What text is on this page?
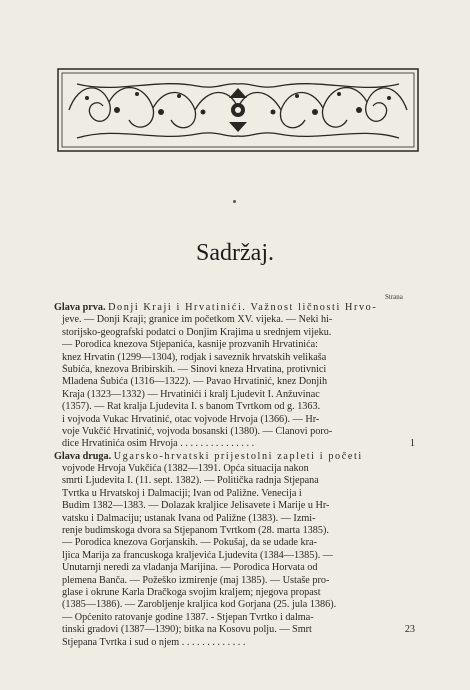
Sadržaj.
Strana
Glava prva. Donji Kraji i Hrvatinići. Važnost ličnosti Hrvo-
jeve. — Donji Kraji; granice im početkom XV. vijeka. — Neki hi-
storijsko-geografski podatci o Donjim Krajima u srednjem vijeku.
— Porodica knezova Stjepanića, kasnije prozvanih Hrvatinića:
knez Hrvatin (1299—1304), rodjak i saveznik hrvatskih velikaša
Šubića, knezova Bribirskih. — Sinovi kneza Hrvatina, protivnici
Mladena Šubića (1316—1322). — Pavao Hrvatinić, knez Donjih
Kraja (1323—1332) — Hrvatinići i kralj Ljudevit I. Anžuvinac
(1357). — Rat kralja Ljudevita I. s banom Tvrtkom od g. 1363.
i vojvoda Vukac Hrvatinić, otac vojvode Hrvoja (1366). — Hr-
voje Vukčić Hrvatinić, vojvoda bosanski (1380). — Članovi poro-
dice Hrvatinića osim Hrvoja . . . . . . . . . . . . . . .
Glava druga. Ugarsko-hrvatski prijestolni zapleti i početi
vojvode Hrvoja Vukčića (1382—1391. Opća situacija nakon
smrti Ljudevita I. (11. sept. 1382). — Politička radnja Stjepana
Tvrtka u Hrvatskoj i Dalmaciji; Ivan od Paližne. Venecija i
Budim 1382—1383. — Dolazak kraljice Jelisavete i Marije u Hr-
vatsku i Dalmaciju; ustanak Ivana od Paližne (1383). — Izmi-
renje budimskoga dvora sa Stjepanom Tvrtkom (28. marta 1385).
— Porodica knezova Gorjanskih. — Pokušaj, da se udade kra-
ljica Marija za francuskoga kraljevića Ljudevita (1384—1385). —
Unutarnji neredi za vladanja Marijina. — Porodica Horvata od
plemena Banča. — Požeško izmirenje (maj 1385). — Ustaše pro-
glase i okrune Karla Dračkoga svojim kraljem; njegova propast
(1385—1386). — Zarobljenje kraljica kod Gorjana (25. jula 1386).
— Općenito ratovanje godine 1387. - Stjepan Tvrtko i dalma-
tinski gradovi (1387—1390); bitka na Kosovu polju. — Smrt
Stjepana Tvrtka i sud o njem . . . . . . . . . . . . .
1
23
